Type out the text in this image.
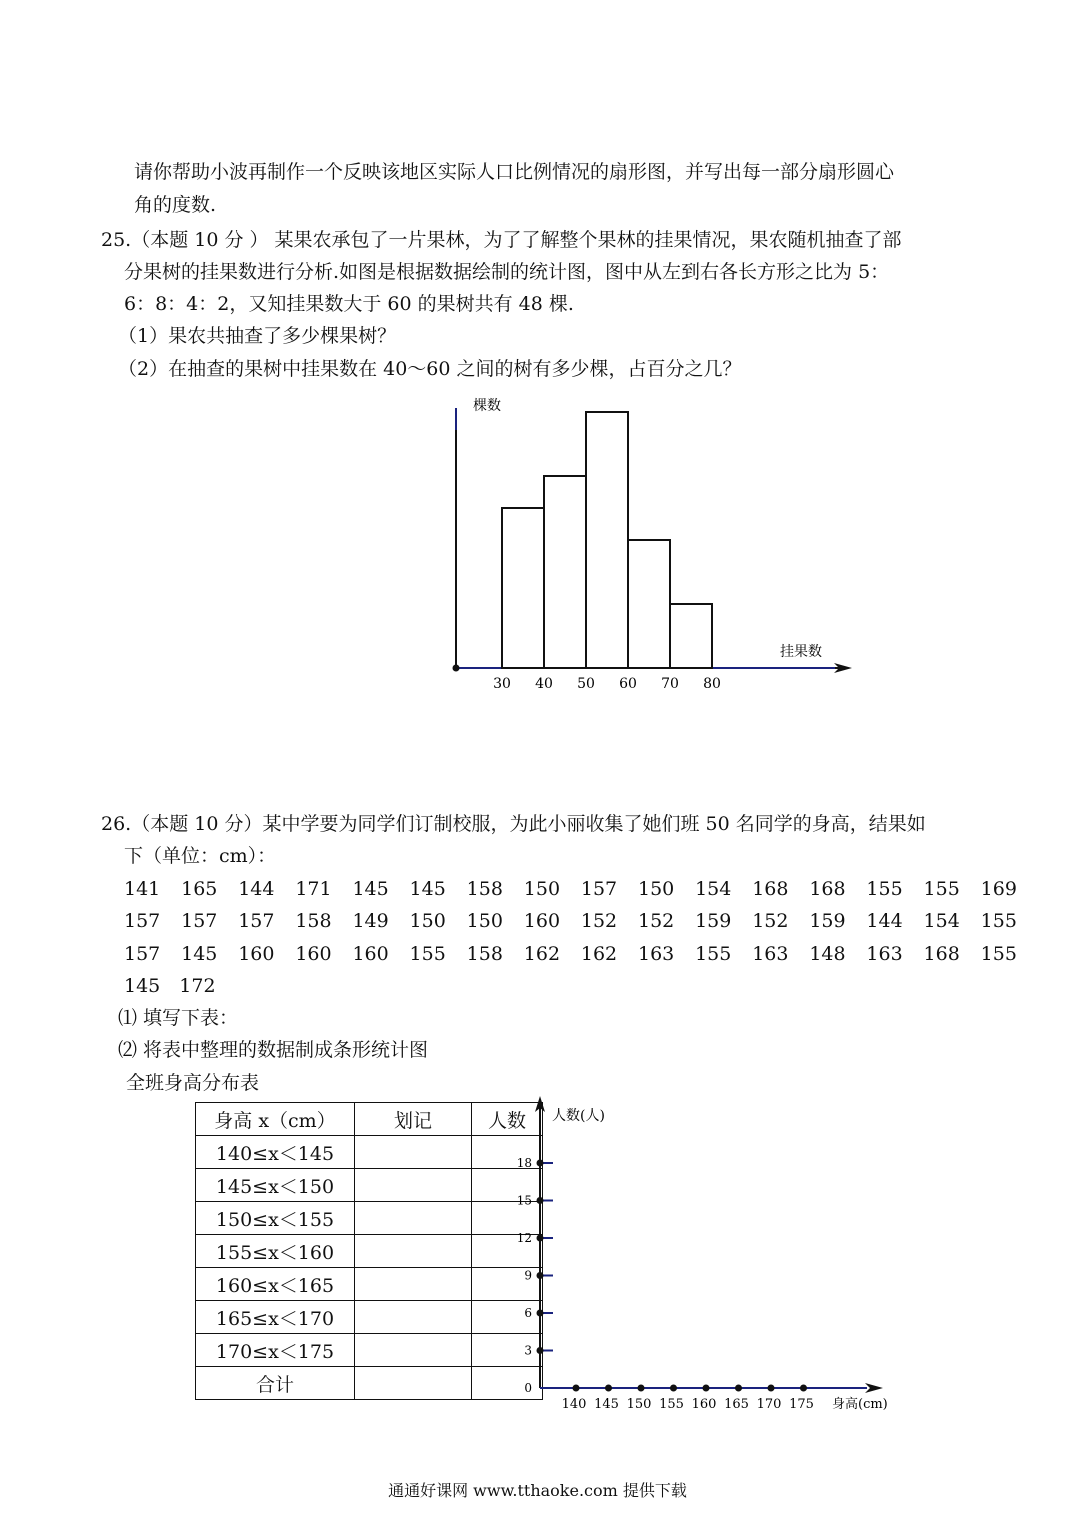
请你帮助小波再制作一个反映该地区实际人口比例情况的扇形图，并写出每一部分扇形圆心
角的度数.
25.（本题 10 分 ） 某果农承包了一片果林，为了了解整个果林的挂果情况，果农随机抽查了部
分果树的挂果数进行分析.如图是根据数据绘制的统计图，图中从左到右各长方形之比为 5：
6：8：4：2，又知挂果数大于 60 的果树共有 48 棵.
（1）果农共抽查了多少棵果树？
（2）在抽查的果树中挂果数在 40～60 之间的树有多少棵，占百分之几？
棵数
挂果数
30 40 50 60 70 80
26.（本题 10 分）某中学要为同学们订制校服，为此小丽收集了她们班 50 名同学的身高，结果如
下（单位：cm）：
141 165 144 171 145 145 158 150 157 150 154 168 168 155 155 169
157 157 157 158 149 150 150 160 152 152 159 152 159 144 154 155
157 145 160 160 160 155 158 162 162 163 155 163 148 163 168 155
145 172
⑴ 填写下表：
⑵ 将表中整理的数据制成条形统计图
全班身高分布表
身高 x（cm）	划记	人数
140≤x＜145		
145≤x＜150		
150≤x＜155		
155≤x＜160		
160≤x＜165		
165≤x＜170		
170≤x＜175		
合计		
人数(人)
身高(cm)
0
3
6
9
12
15
18
140 145 150 155 160 165 170 175
通通好课网 www.tthaoke.com 提供下载
